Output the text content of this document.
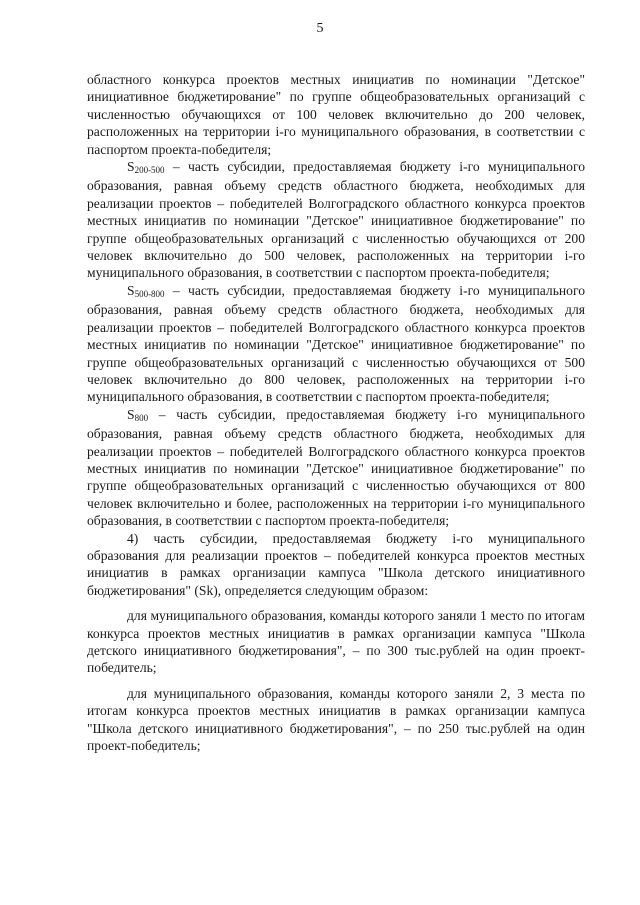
5

областного конкурса проектов местных инициатив по номинации "Детское" инициативное бюджетирование" по группе общеобразовательных организаций с численностью обучающихся от 100 человек включительно до 200 человек, расположенных на территории i-го муниципального образования, в соответствии с паспортом проекта-победителя;

$S_{200-500}$ – часть субсидии, предоставляемая бюджету i-го муниципального образования, равная объему средств областного бюджета, необходимых для реализации проектов – победителей Волгоградского областного конкурса проектов местных инициатив по номинации "Детское" инициативное бюджетирование" по группе общеобразовательных организаций с численностью обучающихся от 200 человек включительно до 500 человек, расположенных на территории i-го муниципального образования, в соответствии с паспортом проекта-победителя;

$S_{500-800}$ – часть субсидии, предоставляемая бюджету i-го муниципального образования, равная объему средств областного бюджета, необходимых для реализации проектов – победителей Волгоградского областного конкурса проектов местных инициатив по номинации "Детское" инициативное бюджетирование" по группе общеобразовательных организаций с численностью обучающихся от 500 человек включительно до 800 человек, расположенных на территории i-го муниципального образования, в соответствии с паспортом проекта-победителя;

$S_{800}$ – часть субсидии, предоставляемая бюджету i-го муниципального образования, равная объему средств областного бюджета, необходимых для реализации проектов – победителей Волгоградского областного конкурса проектов местных инициатив по номинации "Детское" инициативное бюджетирование" по группе общеобразовательных организаций с численностью обучающихся от 800 человек включительно и более, расположенных на территории i-го муниципального образования, в соответствии с паспортом проекта-победителя;

4) часть субсидии, предоставляемая бюджету i-го муниципального образования для реализации проектов – победителей конкурса проектов местных инициатив в рамках организации кампуса "Школа детского инициативного бюджетирования" (Sk), определяется следующим образом:

для муниципального образования, команды которого заняли 1 место по итогам конкурса проектов местных инициатив в рамках организации кампуса "Школа детского инициативного бюджетирования", – по 300 тыс.рублей на один проект-победитель;

для муниципального образования, команды которого заняли 2, 3 места по итогам конкурса проектов местных инициатив в рамках организации кампуса "Школа детского инициативного бюджетирования", – по 250 тыс.рублей на один проект-победитель;
